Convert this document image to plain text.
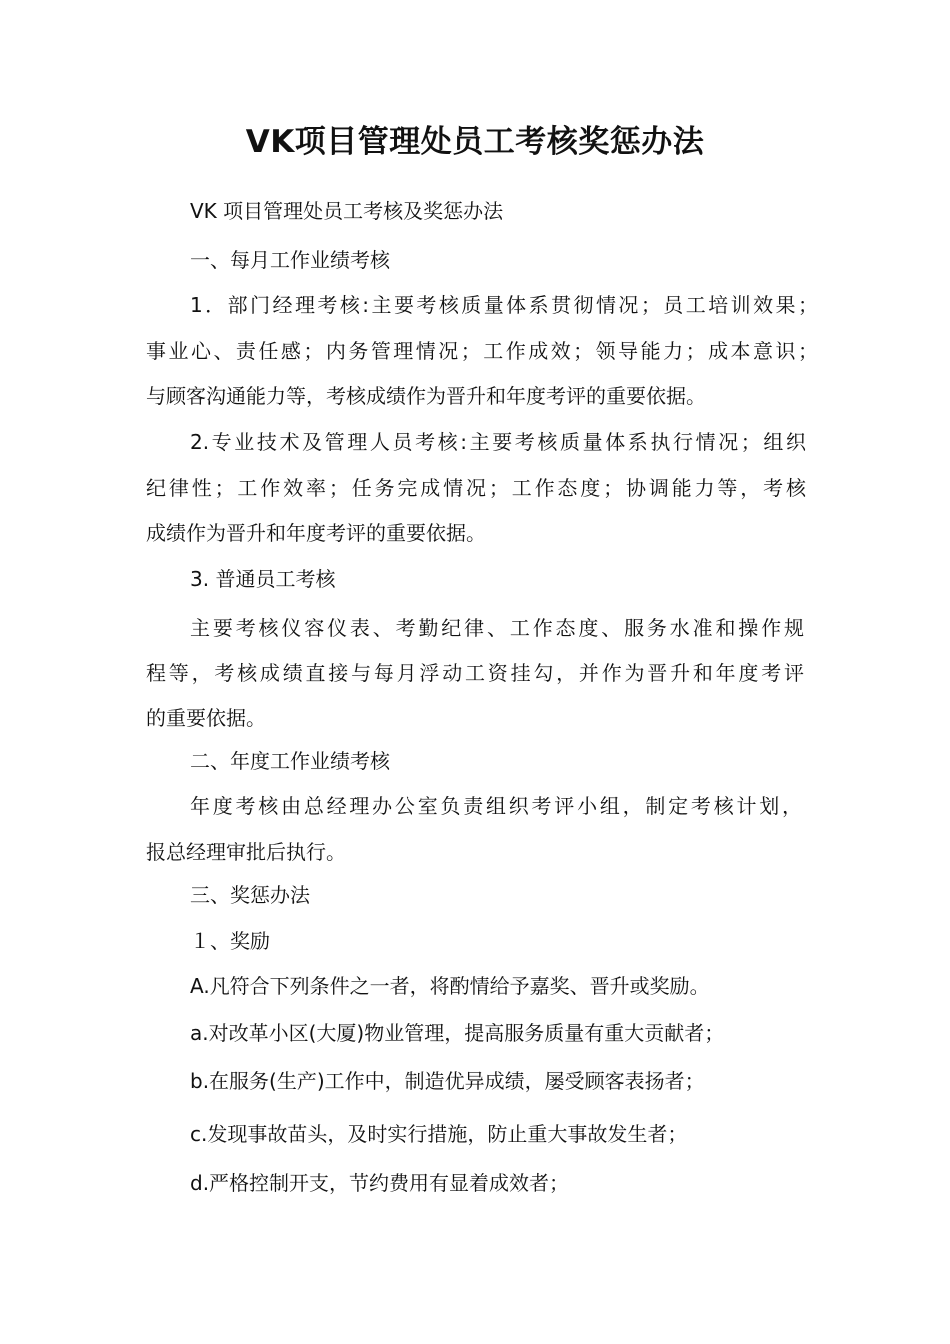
VK项目管理处员工考核奖惩办法

VK 项目管理处员工考核及奖惩办法

一、每月工作业绩考核

1．部门经理考核:主要考核质量体系贯彻情况；员工培训效果；

事业心、责任感；内务管理情况；工作成效；领导能力；成本意识；

与顾客沟通能力等，考核成绩作为晋升和年度考评的重要依据。

2.专业技术及管理人员考核:主要考核质量体系执行情况；组织

纪律性；工作效率；任务完成情况；工作态度；协调能力等，考核

成绩作为晋升和年度考评的重要依据。

3. 普通员工考核

主要考核仪容仪表、考勤纪律、工作态度、服务水准和操作规

程等，考核成绩直接与每月浮动工资挂勾，并作为晋升和年度考评

的重要依据。

二、年度工作业绩考核

年度考核由总经理办公室负责组织考评小组，制定考核计划，

报总经理审批后执行。

三、奖惩办法

１、奖励

A.凡符合下列条件之一者，将酌情给予嘉奖、晋升或奖励。

a.对改革小区(大厦)物业管理，提高服务质量有重大贡献者；

b.在服务(生产)工作中，制造优异成绩，屡受顾客表扬者；

c.发现事故苗头，及时实行措施，防止重大事故发生者；

d.严格控制开支，节约费用有显着成效者；
